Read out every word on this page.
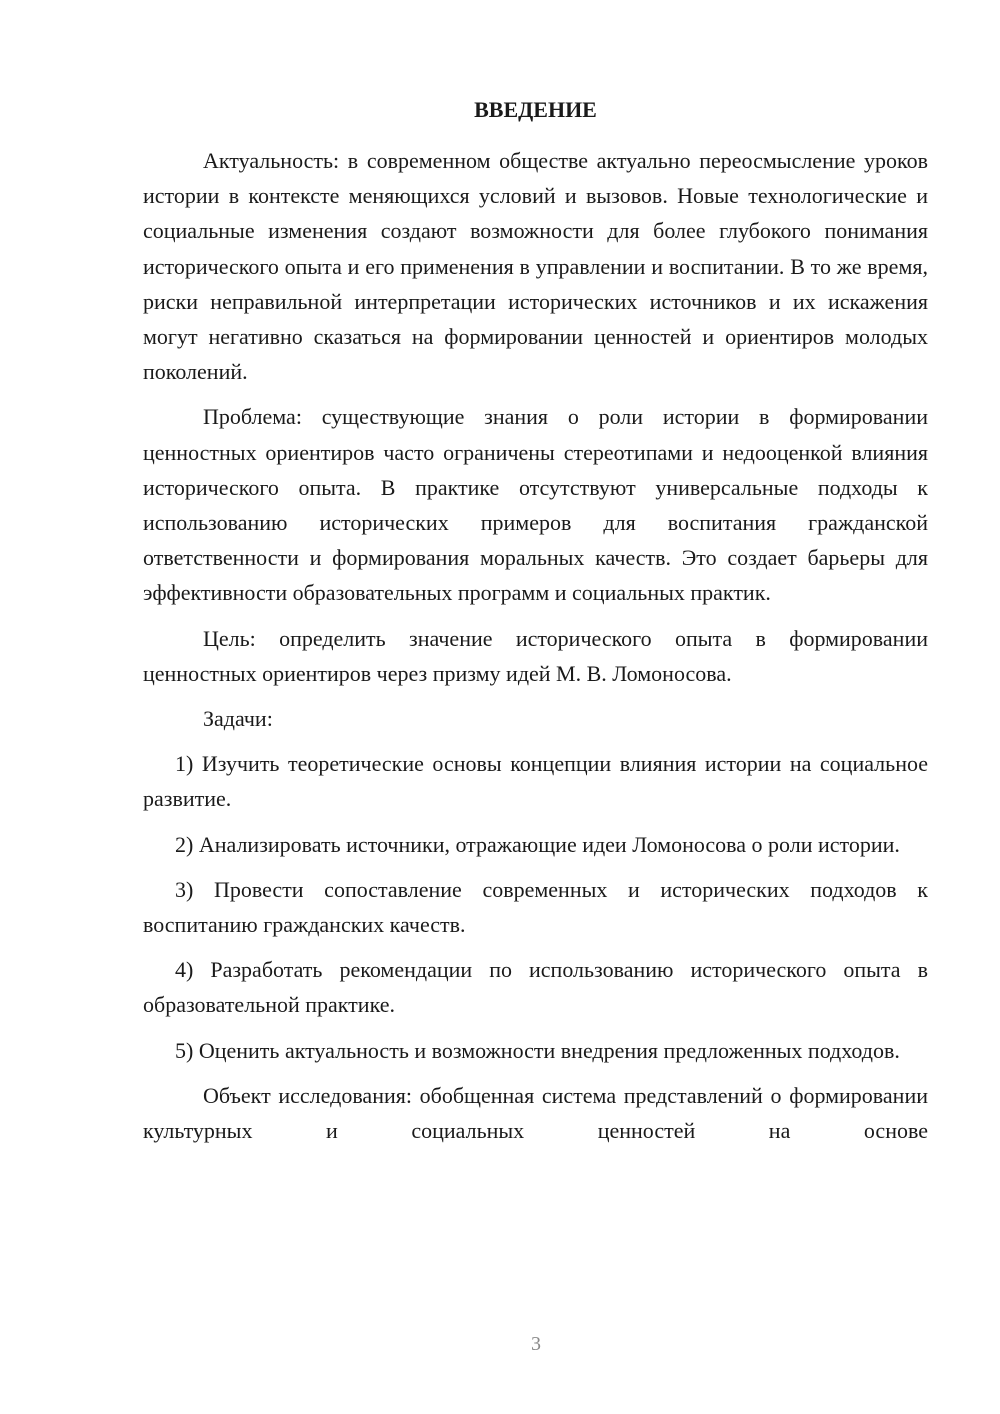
ВВЕДЕНИЕ

Актуальность: в современном обществе актуально переосмысление уроков истории в контексте меняющихся условий и вызовов. Новые технологические и социальные изменения создают возможности для более глубокого понимания исторического опыта и его применения в управлении и воспитании. В то же время, риски неправильной интерпретации исторических источников и их искажения могут негативно сказаться на формировании ценностей и ориентиров молодых поколений.

Проблема: существующие знания о роли истории в формировании ценностных ориентиров часто ограничены стереотипами и недооценкой влияния исторического опыта. В практике отсутствуют универсальные подходы к использованию исторических примеров для воспитания гражданской ответственности и формирования моральных качеств. Это создает барьеры для эффективности образовательных программ и социальных практик.

Цель: определить значение исторического опыта в формировании ценностных ориентиров через призму идей М. В. Ломоносова.

Задачи:

1) Изучить теоретические основы концепции влияния истории на социальное развитие.

2) Анализировать источники, отражающие идеи Ломоносова о роли истории.

3) Провести сопоставление современных и исторических подходов к воспитанию гражданских качеств.

4) Разработать рекомендации по использованию исторического опыта в образовательной практике.

5) Оценить актуальность и возможности внедрения предложенных подходов.

Объект исследования: обобщенная система представлений о формировании культурных и социальных ценностей на основе

3
